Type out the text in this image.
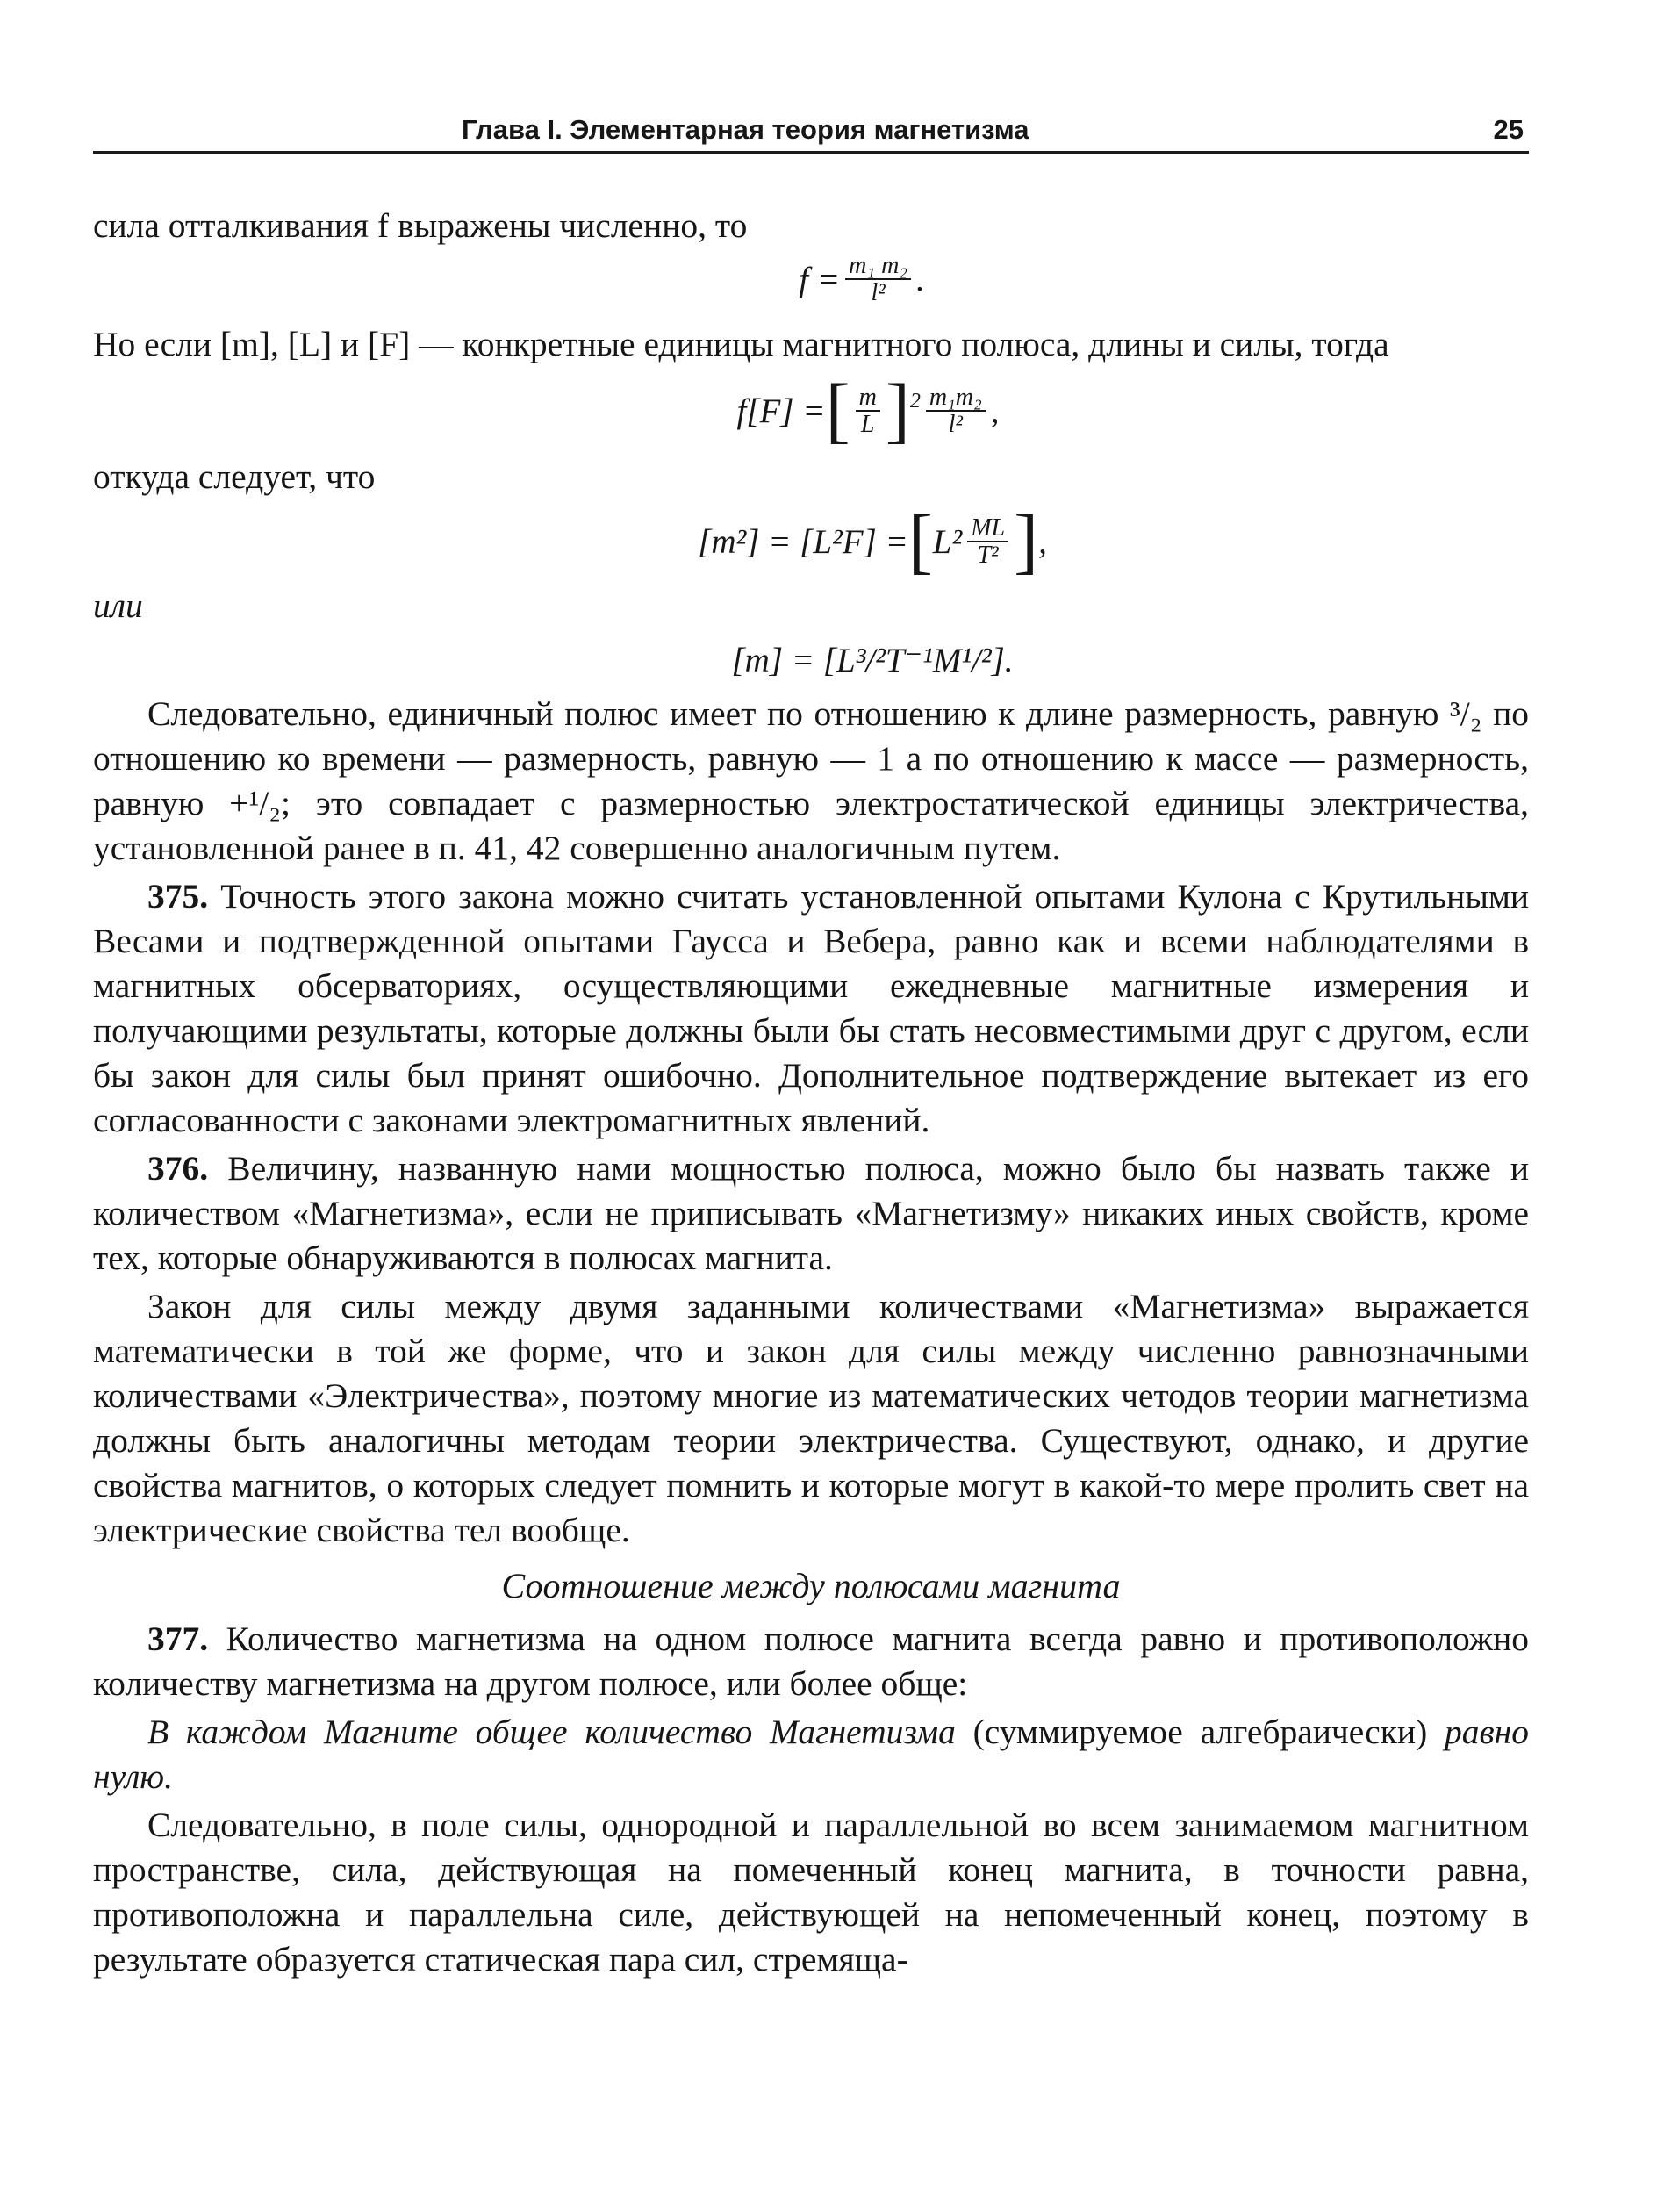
Глава I. Элементарная теория магнетизма	25

сила отталкивания f выражены численно, то

$f = \frac{\text{m₁ m₂}}{\text{l²}}$ .

Но если [m], [L] и [F] — конкретные единицы магнитного полюса, длины и силы, тогда

f[F] = [ $\frac{m}{L} ]^2 \frac{\text{m₁m₂}}{\text{l²}}$ ,

откуда следует, что

[m²] = [L²F] = [ $L^2 \frac{ML}{\text{T²}}$ ] ,

или

[m] = [L³/²T⁻¹M¹/²].

Следовательно, единичный полюс имеет по отношению к длине размерность, равную ³/₂ по отношению ко времени — размерность, равную — 1 а по отношению к массе — размерность, равную +¹/₂; это совпадает с размерностью электростатической единицы электричества, установленной ранее в п. 41, 42 совершенно аналогичным путем.

375. Точность этого закона можно считать установленной опытами Кулона с Крутильными Весами и подтвержденной опытами Гаусса и Вебера, равно как и всеми наблюдателями в магнитных обсерваториях, осуществляющими ежедневные магнитные измерения и получающими результаты, которые должны были бы стать несовместимыми друг с другом, если бы закон для силы был принят ошибочно. Дополнительное подтверждение вытекает из его согласованности с законами электромагнитных явлений.

376. Величину, названную нами мощностью полюса, можно было бы назвать также и количеством «Магнетизма», если не приписывать «Магнетизму» никаких иных свойств, кроме тех, которые обнаруживаются в полюсах магнита.

Закон для силы между двумя заданными количествами «Магнетизма» выражается математически в той же форме, что и закон для силы между численно равнозначными количествами «Электричества», поэтому многие из математических четодов теории магнетизма должны быть аналогичны методам теории электричества. Существуют, однако, и другие свойства магнитов, о которых следует помнить и которые могут в какой-то мере пролить свет на электрические свойства тел вообще.

Соотношение между полюсами магнита

377. Количество магнетизма на одном полюсе магнита всегда равно и противоположно количеству магнетизма на другом полюсе, или более обще:

В каждом Магните общее количество Магнетизма (суммируемое алгебраически) равно нулю.

Следовательно, в поле силы, однородной и параллельной во всем занимаемом магнитном пространстве, сила, действующая на помеченный конец магнита, в точности равна, противоположна и параллельна силе, действующей на непомеченный конец, поэтому в результате образуется статическая пара сил, стремяща-
